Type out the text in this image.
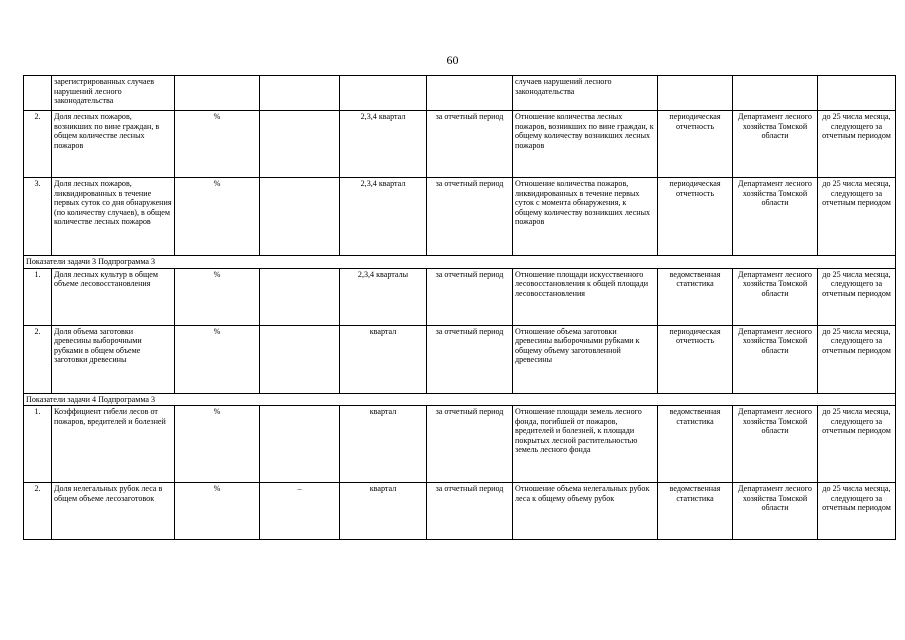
60
	зарегистрированных случаев нарушений лесного законодательства					случаев нарушений лесного законодательства			
2.	Доля лесных пожаров, возникших по вине граждан, в общем количестве лесных пожаров	%		2,3,4 квартал	за отчетный период	Отношение количества лесных пожаров, возникших по вине граждан, к общему количеству возникших лесных пожаров	периодическая отчетность	Департамент лесного хозяйства Томской области	до 25 числа месяца, следующего за отчетным периодом
3.	Доля лесных пожаров, ликвидированных в течение первых суток со дня обнаружения (по количеству случаев), в общем количестве лесных пожаров	%		2,3,4 квартал	за отчетный период	Отношение количества пожаров, ликвидированных в течение первых суток с момента обнаружения, к общему количеству возникших лесных пожаров	периодическая отчетность	Департамент лесного хозяйства Томской области	до 25 числа месяца, следующего за отчетным периодом
Показатели задачи 3 Подпрограмма 3									
1.	Доля лесных культур в общем объеме лесовосстановления	%		2,3,4 кварталы	за отчетный период	Отношение площади искусственного лесовосстановления к общей площади лесовосстановления	ведомственная статистика	Департамент лесного хозяйства Томской области	до 25 числа месяца, следующего за отчетным периодом
2.	Доля объема заготовки древесины выборочными рубками в общем объеме заготовки древесины	%		квартал	за отчетный период	Отношение объема заготовки древесины выборочными рубками к общему объему заготовленной древесины	периодическая отчетность	Департамент лесного хозяйства Томской области	до 25 числа месяца, следующего за отчетным периодом
Показатели задачи 4 Подпрограмма 3									
1.	Коэффициент гибели лесов от пожаров, вредителей и болезней	%		квартал	за отчетный период	Отношение площади земель лесного фонда, погибшей от пожаров, вредителей и болезней, к площади покрытых лесной растительностью земель лесного фонда	ведомственная статистика	Департамент лесного хозяйства Томской области	до 25 числа месяца, следующего за отчетным периодом
2.	Доля нелегальных рубок леса в общем объеме лесозаготовок	%	–	квартал	за отчетный период	Отношение объема нелегальных рубок леса к общему объему рубок	ведомственная статистика	Департамент лесного хозяйства Томской области	до 25 числа месяца, следующего за отчетным периодом
